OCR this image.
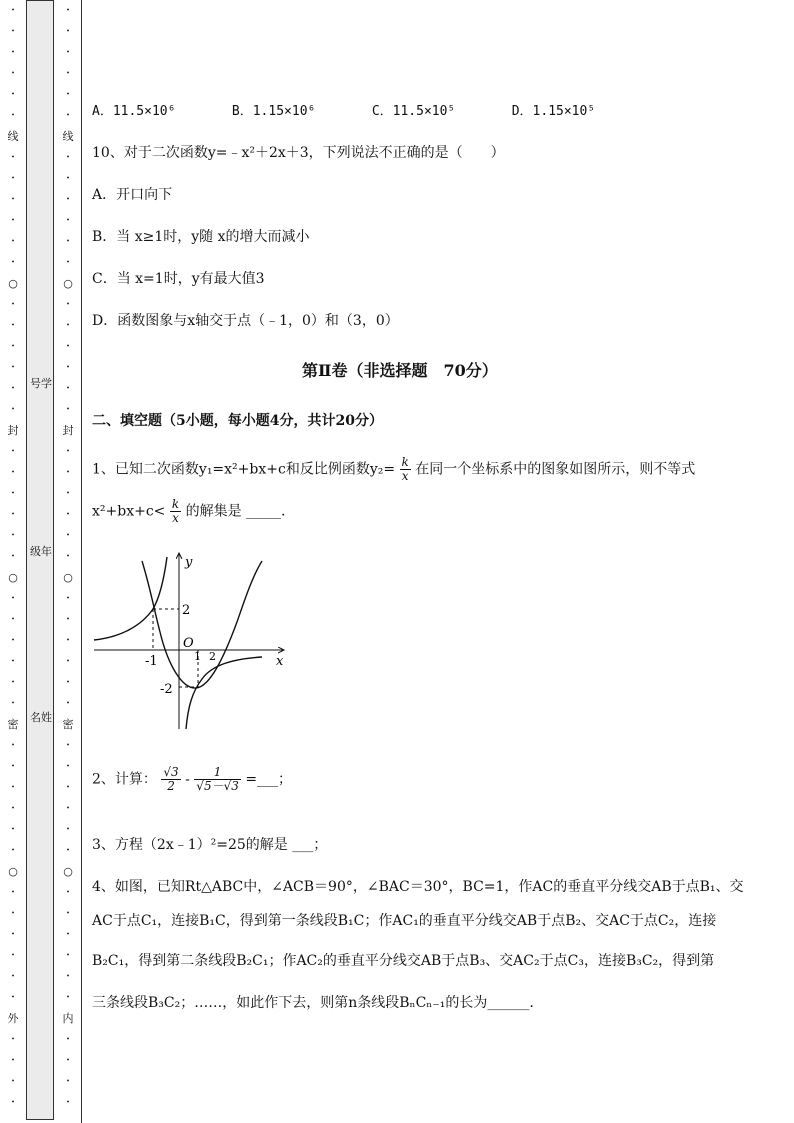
•
•
•
•
•
•
线
•
•
•
•
•
•
○
•
•
•
•
•
•
封
•
•
•
•
•
•
○
•
•
•
•
•
•
密
•
•
•
•
•
•
○
•
•
•
•
•
•
外
•
•
•
•
号学
级年
名姓
•
•
•
•
•
•
线
•
•
•
•
•
•
○
•
•
•
•
•
•
封
•
•
•
•
•
•
○
•
•
•
•
•
•
密
•
•
•
•
•
•
○
•
•
•
•
•
•
内
•
•
•
•
A．11.5×10⁶	B．1.15×10⁶	C．11.5×10⁵	D．1.15×10⁵
10、对于二次函数y=﹣x²＋2x＋3，下列说法不正确的是（　　）
A．开口向下
B．当 x≥1时，y随 x的增大而减小
C．当 x=1时，y有最大值3
D．函数图象与x轴交于点（﹣1，0）和（3，0）
第Ⅱ卷（非选择题　70分）
二、填空题（5小题，每小题4分，共计20分）
1、已知二次函数y₁=x²+bx+c和反比例函数$y_2= \frac{k}{x}$ 在同一个坐标系中的图象如图所示，则不等式
$x^2+bx+c< \frac{k}{x}$ 的解集是 _____.
y
x
O
-1	1 2
2
-2
2、计算： $\frac{√3}{2} - \frac{1}{√5-√3}$ =___；
3、方程（2x﹣1）²=25的解是 ___；
4、如图，已知Rt△ABC中，∠ACB＝90°，∠BAC＝30°，BC=1，作AC的垂直平分线交AB于点B₁、交
AC于点C₁，连接B₁C，得到第一条线段B₁C；作AC₁的垂直平分线交AB于点B₂、交AC于点C₂，连接
B₂C₁，得到第二条线段B₂C₁；作AC₂的垂直平分线交AB于点B₃、交AC₂于点C₃，连接B₃C₂，得到第
三条线段B₃C₂；……，如此作下去，则第n条线段BₙCₙ₋₁的长为______.
